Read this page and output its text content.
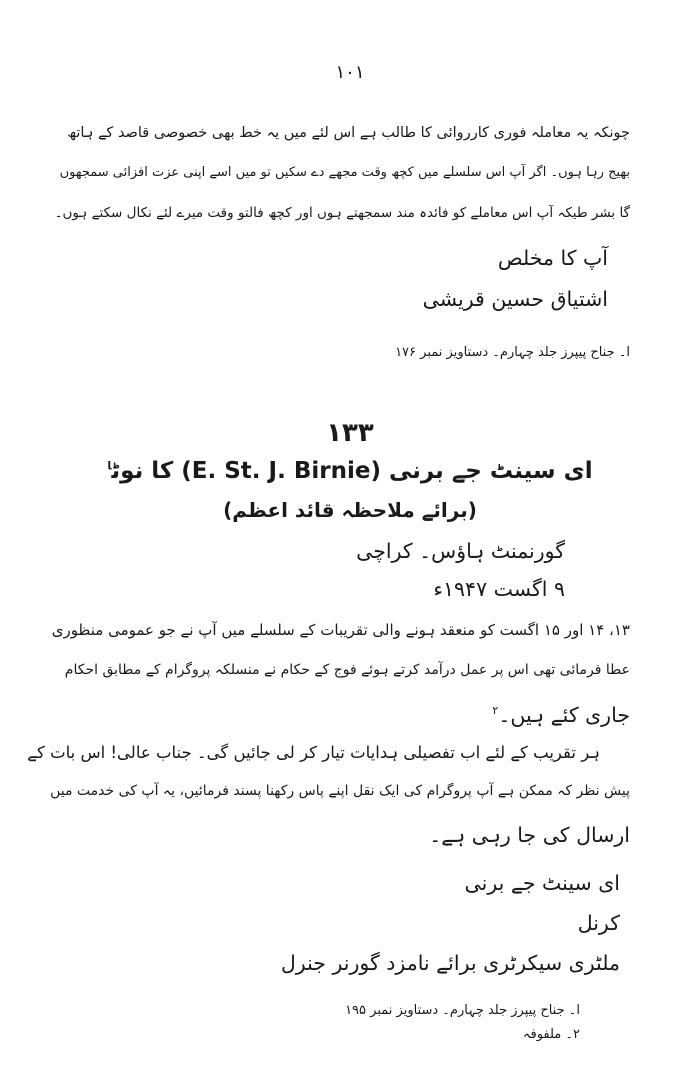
۱۰۱
چونکہ یہ معاملہ فوری کارروائی کا طالب ہے اس لئے میں یہ خط بھی خصوصی قاصد کے ہاتھ
بھیج رہا ہوں۔ اگر آپ اس سلسلے میں کچھ وقت مجھے دے سکیں تو میں اسے اپنی عزت افزائی سمجھوں
گا بشر طیکہ آپ اس معاملے کو فائدہ مند سمجھتے ہوں اور کچھ فالتو وقت میرے لئے نکال سکتے ہوں۔
آپ کا مخلص
اشتیاق حسین قریشی
ا۔ جناح پیپرز جلد چہارم۔ دستاویز نمبر ۱۷۶
۱۳۳
ای سینٹ جے برنی (E. St. J. Birnie) کا نوٹ$^ا$
(برائے ملاحظہ قائد اعظم)
گورنمنٹ ہاؤس۔ کراچی
۹ اگست ۱۹۴۷ء
۱۳، ۱۴ اور ۱۵ اگست کو منعقد ہونے والی تقریبات کے سلسلے میں آپ نے جو عمومی منظوری
عطا فرمائی تھی اس پر عمل درآمد کرتے ہوئے فوج کے حکام نے منسلکہ پروگرام کے مطابق احکام
جاری کئے ہیں۔$^۲$
ہر تقریب کے لئے اب تفصیلی ہدایات تیار کر لی جائیں گی۔ جناب عالی! اس بات کے
پیش نظر کہ ممکن ہے آپ پروگرام کی ایک نقل اپنے پاس رکھنا پسند فرمائیں، یہ آپ کی خدمت میں
ارسال کی جا رہی ہے۔
ای سینٹ جے برنی
کرنل
ملٹری سیکرٹری برائے نامزد گورنر جنرل
ا۔ جناح پیپرز جلد چہارم۔ دستاویز نمبر ۱۹۵
۲۔ ملفوفہ
